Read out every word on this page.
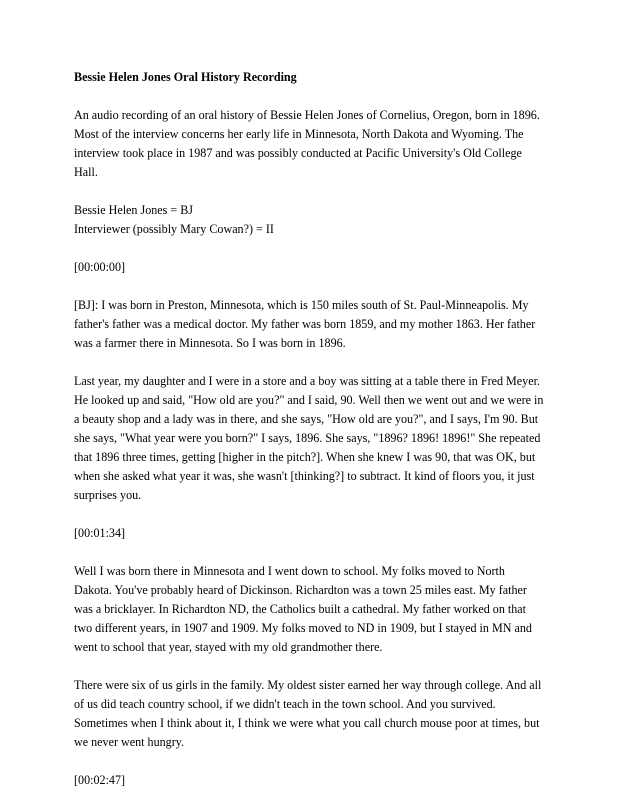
Bessie Helen Jones Oral History Recording

An audio recording of an oral history of Bessie Helen Jones of Cornelius, Oregon, born in 1896.
Most of the interview concerns her early life in Minnesota, North Dakota and Wyoming. The
interview took place in 1987 and was possibly conducted at Pacific University's Old College
Hall.

Bessie Helen Jones = BJ
Interviewer (possibly Mary Cowan?) = II

[00:00:00]

[BJ]: I was born in Preston, Minnesota, which is 150 miles south of St. Paul-Minneapolis. My
father's father was a medical doctor. My father was born 1859, and my mother 1863. Her father
was a farmer there in Minnesota. So I was born in 1896.

Last year, my daughter and I were in a store and a boy was sitting at a table there in Fred Meyer.
He looked up and said, "How old are you?" and I said, 90. Well then we went out and we were in
a beauty shop and a lady was in there, and she says, "How old are you?", and I says, I'm 90. But
she says, "What year were you born?" I says, 1896. She says, "1896? 1896! 1896!" She repeated
that 1896 three times, getting [higher in the pitch?]. When she knew I was 90, that was OK, but
when she asked what year it was, she wasn't [thinking?] to subtract. It kind of floors you, it just
surprises you.

[00:01:34]

Well I was born there in Minnesota and I went down to school. My folks moved to North
Dakota. You've probably heard of Dickinson. Richardton was a town 25 miles east. My father
was a bricklayer. In Richardton ND, the Catholics built a cathedral. My father worked on that
two different years, in 1907 and 1909. My folks moved to ND in 1909, but I stayed in MN and
went to school that year, stayed with my old grandmother there.

There were six of us girls in the family. My oldest sister earned her way through college. And all
of us did teach country school, if we didn't teach in the town school. And you survived.
Sometimes when I think about it, I think we were what you call church mouse poor at times, but
we never went hungry.

[00:02:47]
